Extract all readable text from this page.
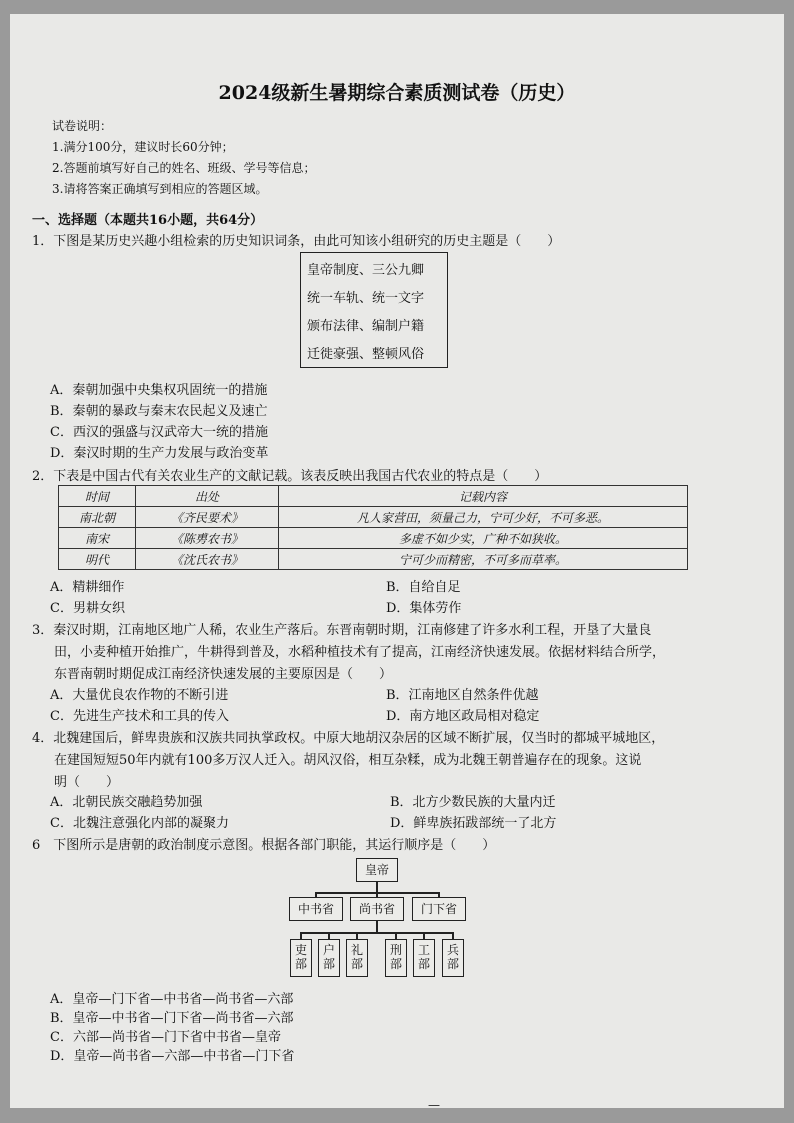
2024级新生暑期综合素质测试卷（历史）
试卷说明：
1.满分100分，建议时长60分钟；
2.答题前填写好自己的姓名、班级、学号等信息；
3.请将答案正确填写到相应的答题区域。
一、选择题（本题共16小题，共64分）
1．下图是某历史兴趣小组检索的历史知识词条，由此可知该小组研究的历史主题是（　　）
皇帝制度、三公九卿
统一车轨、统一文字
颁布法律、编制户籍
迁徙豪强、整顿风俗
A．秦朝加强中央集权巩固统一的措施
B．秦朝的暴政与秦末农民起义及速亡
C．西汉的强盛与汉武帝大一统的措施
D．秦汉时期的生产力发展与政治变革
2．下表是中国古代有关农业生产的文献记载。该表反映出我国古代农业的特点是（　　）
时间	出处	记载内容
南北朝	《齐民要术》	凡人家营田，须量己力，宁可少好，不可多恶。
南宋	《陈旉农书》	多虚不如少实，广种不如狭收。
明代	《沈氏农书》	宁可少而精密，不可多而草率。
A．精耕细作	B．自给自足
C．男耕女织	D．集体劳作
3．秦汉时期，江南地区地广人稀，农业生产落后。东晋南朝时期，江南修建了许多水利工程，开垦了大量良
田，小麦种植开始推广，牛耕得到普及，水稻种植技术有了提高，江南经济快速发展。依据材料结合所学，
东晋南朝时期促成江南经济快速发展的主要原因是（　　）
A．大量优良农作物的不断引进	B．江南地区自然条件优越
C．先进生产技术和工具的传入	D．南方地区政局相对稳定
4．北魏建国后，鲜卑贵族和汉族共同执掌政权。中原大地胡汉杂居的区域不断扩展，仅当时的都城平城地区，
在建国短短50年内就有100多万汉人迁入。胡风汉俗，相互杂糅，成为北魏王朝普遍存在的现象。这说
明（　　）
A．北朝民族交融趋势加强	B．北方少数民族的大量内迁
C．北魏注意强化内部的凝聚力	D．鲜卑族拓跋部统一了北方
6　下图所示是唐朝的政治制度示意图。根据各部门职能，其运行顺序是（　　）
皇帝
中书省	尚书省	门下省
吏
部
户
部
礼
部
刑
部
工
部
兵
部
A．皇帝—门下省—中书省—尚书省—六部
B．皇帝—中书省—门下省—尚书省—六部
C．六部—尚书省—门下省中书省—皇帝
D．皇帝—尚书省—六部—中书省—门下省
—
